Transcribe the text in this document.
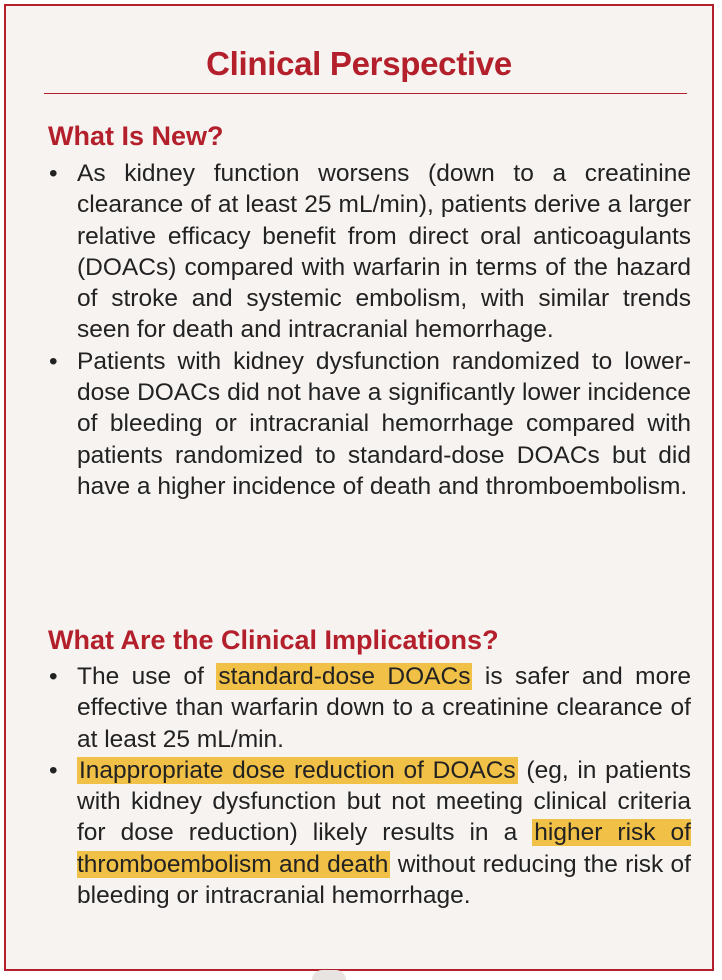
Clinical Perspective
What Is New?
• As kidney function worsens (down to a creatinine clearance of at least 25 mL/min), patients derive a larger relative efficacy benefit from direct oral anticoagulants (DOACs) compared with warfarin in terms of the hazard of stroke and systemic embolism, with similar trends seen for death and intracranial hemorrhage.
• Patients with kidney dysfunction randomized to lower-dose DOACs did not have a significantly lower incidence of bleeding or intracranial hemorrhage compared with patients randomized to standard-dose DOACs but did have a higher incidence of death and thromboembolism.
What Are the Clinical Implications?
• The use of standard-dose DOACs is safer and more effective than warfarin down to a creatinine clearance of at least 25 mL/min.
• Inappropriate dose reduction of DOACs (eg, in patients with kidney dysfunction but not meeting clinical criteria for dose reduction) likely results in a higher risk of thromboembolism and death without reducing the risk of bleeding or intracranial hemorrhage.
